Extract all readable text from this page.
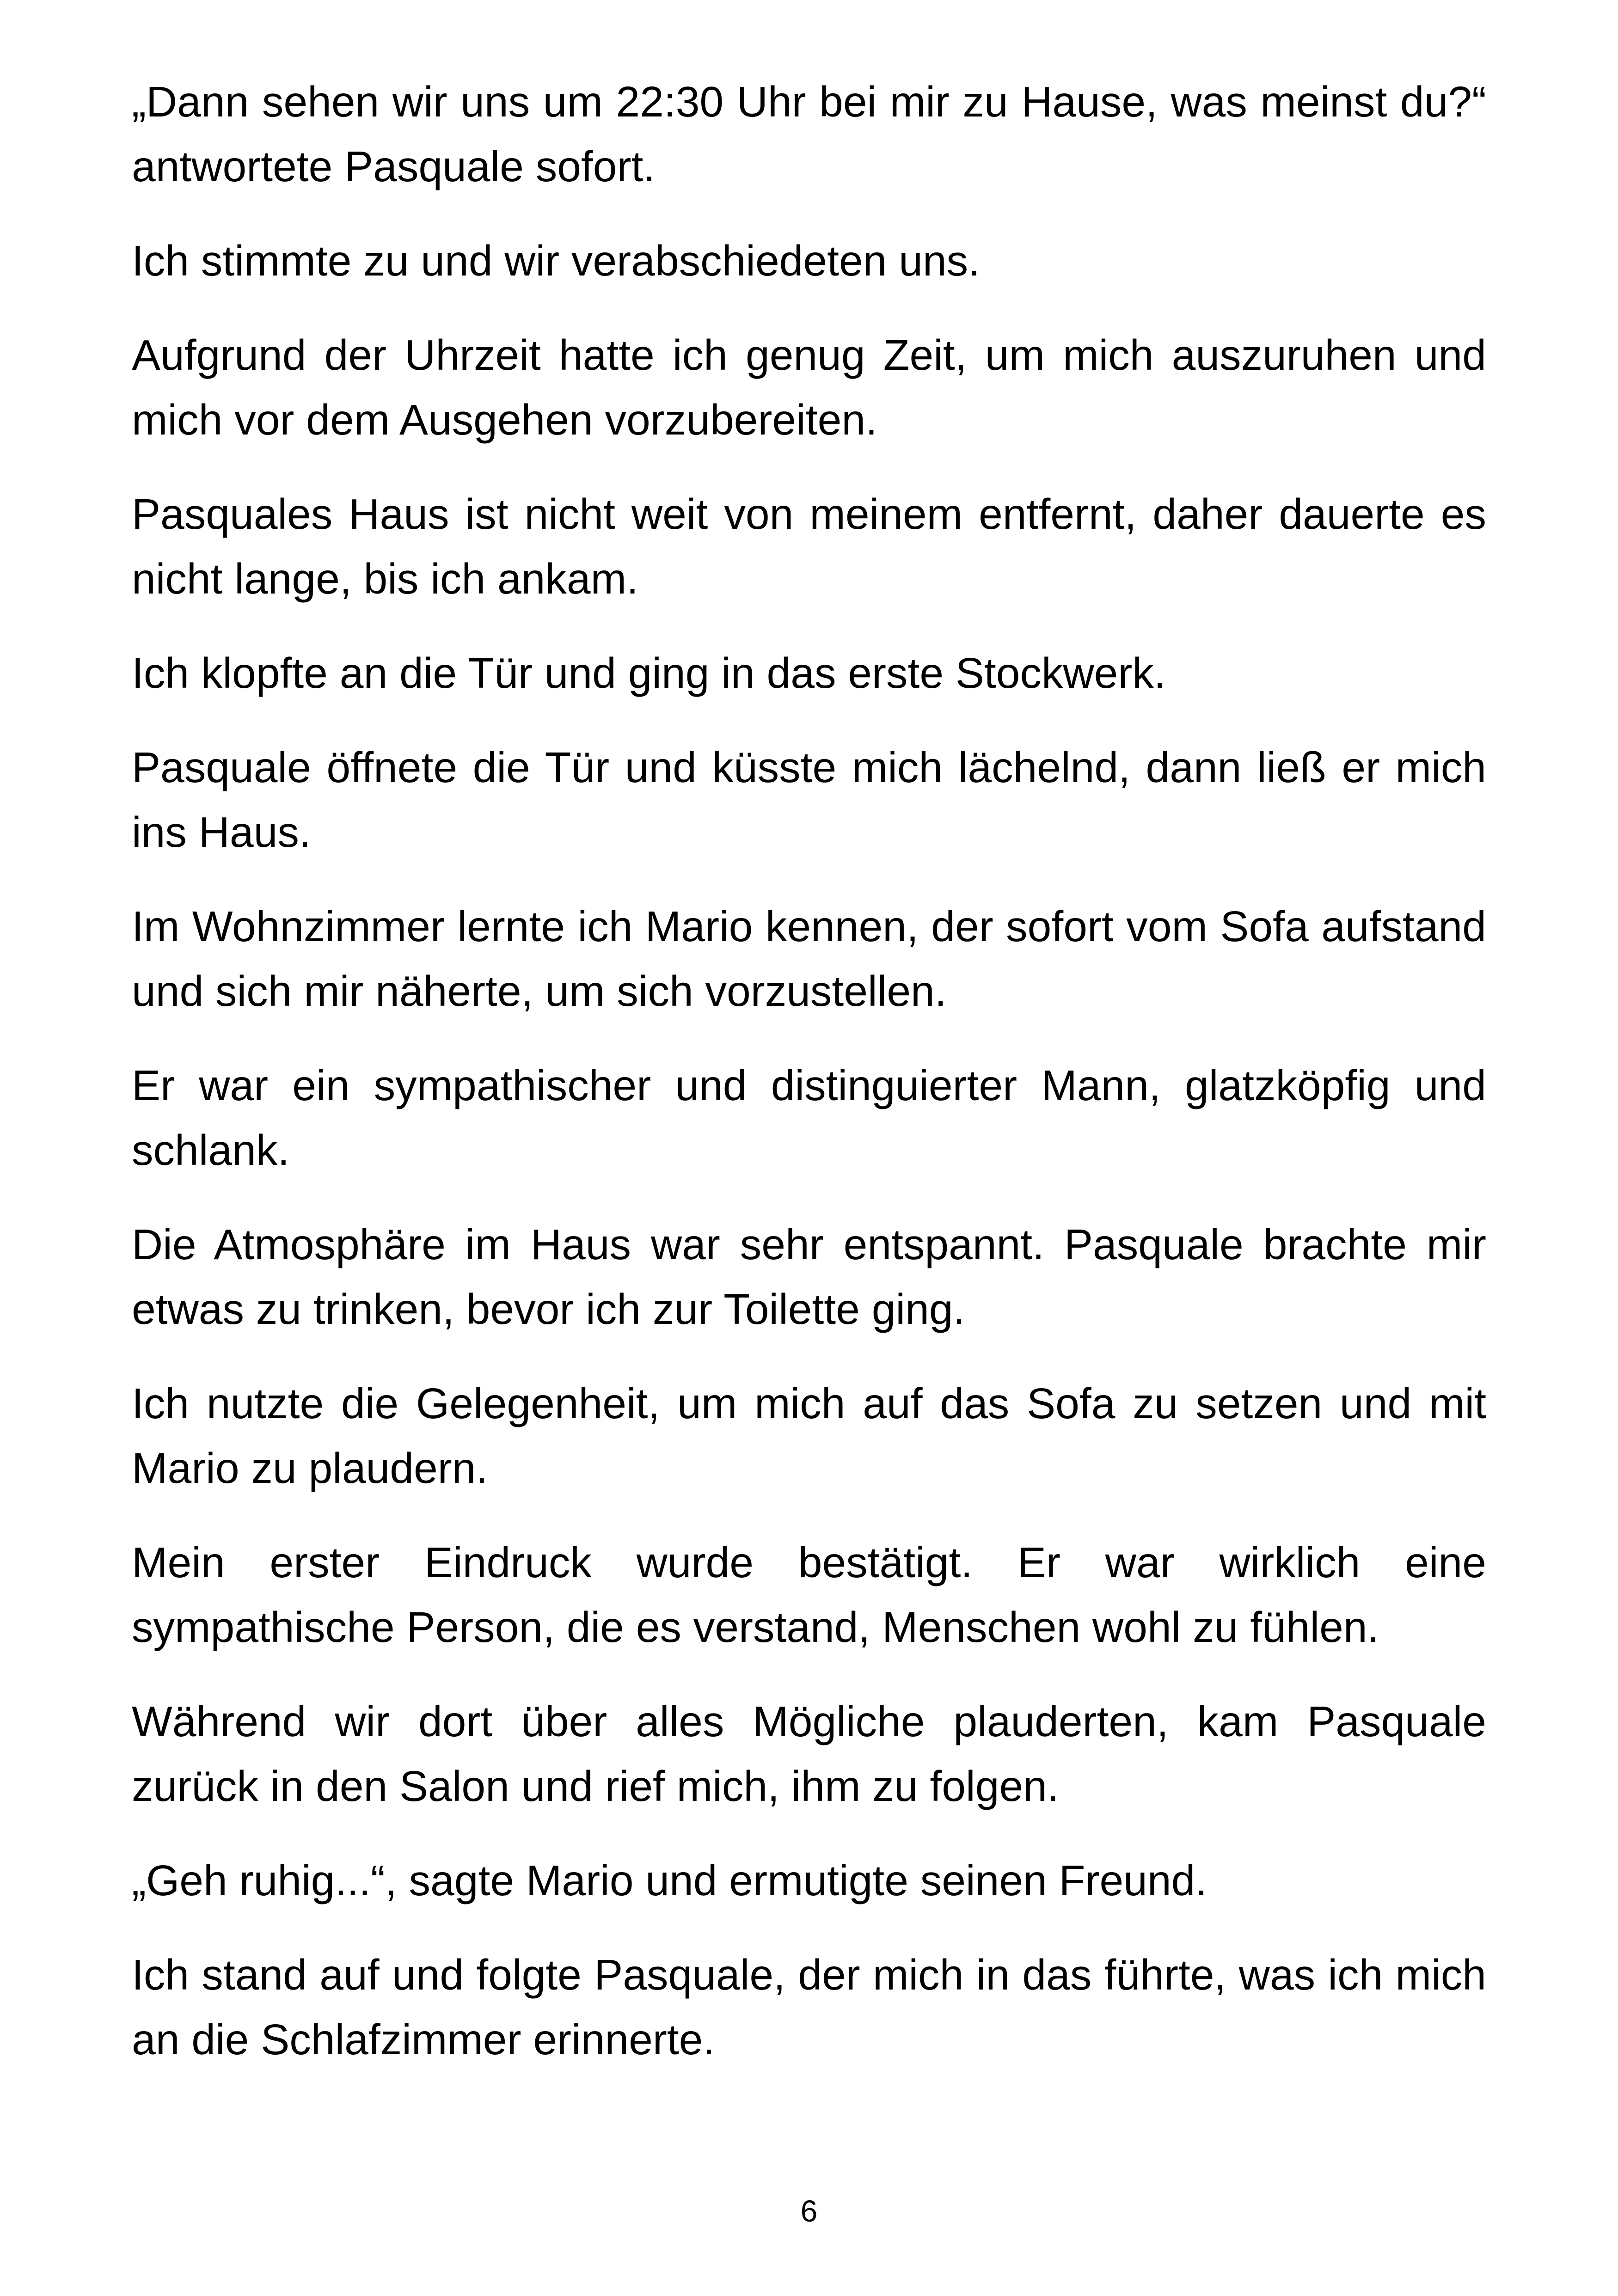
„Dann sehen wir uns um 22:30 Uhr bei mir zu Hause, was meinst du?“ antwortete Pasquale sofort.

Ich stimmte zu und wir verabschiedeten uns.

Aufgrund der Uhrzeit hatte ich genug Zeit, um mich auszuruhen und mich vor dem Ausgehen vorzubereiten.

Pasquales Haus ist nicht weit von meinem entfernt, daher dauerte es nicht lange, bis ich ankam.

Ich klopfte an die Tür und ging in das erste Stockwerk.

Pasquale öffnete die Tür und küsste mich lächelnd, dann ließ er mich ins Haus.

Im Wohnzimmer lernte ich Mario kennen, der sofort vom Sofa aufstand und sich mir näherte, um sich vorzustellen.

Er war ein sympathischer und distinguierter Mann, glatzköpfig und schlank.

Die Atmosphäre im Haus war sehr entspannt. Pasquale brachte mir etwas zu trinken, bevor ich zur Toilette ging.

Ich nutzte die Gelegenheit, um mich auf das Sofa zu setzen und mit Mario zu plaudern.

Mein erster Eindruck wurde bestätigt. Er war wirklich eine sympathische Person, die es verstand, Menschen wohl zu fühlen.

Während wir dort über alles Mögliche plauderten, kam Pasquale zurück in den Salon und rief mich, ihm zu folgen.

„Geh ruhig...“, sagte Mario und ermutigte seinen Freund.

Ich stand auf und folgte Pasquale, der mich in das führte, was ich mich an die Schlafzimmer erinnerte.

6
